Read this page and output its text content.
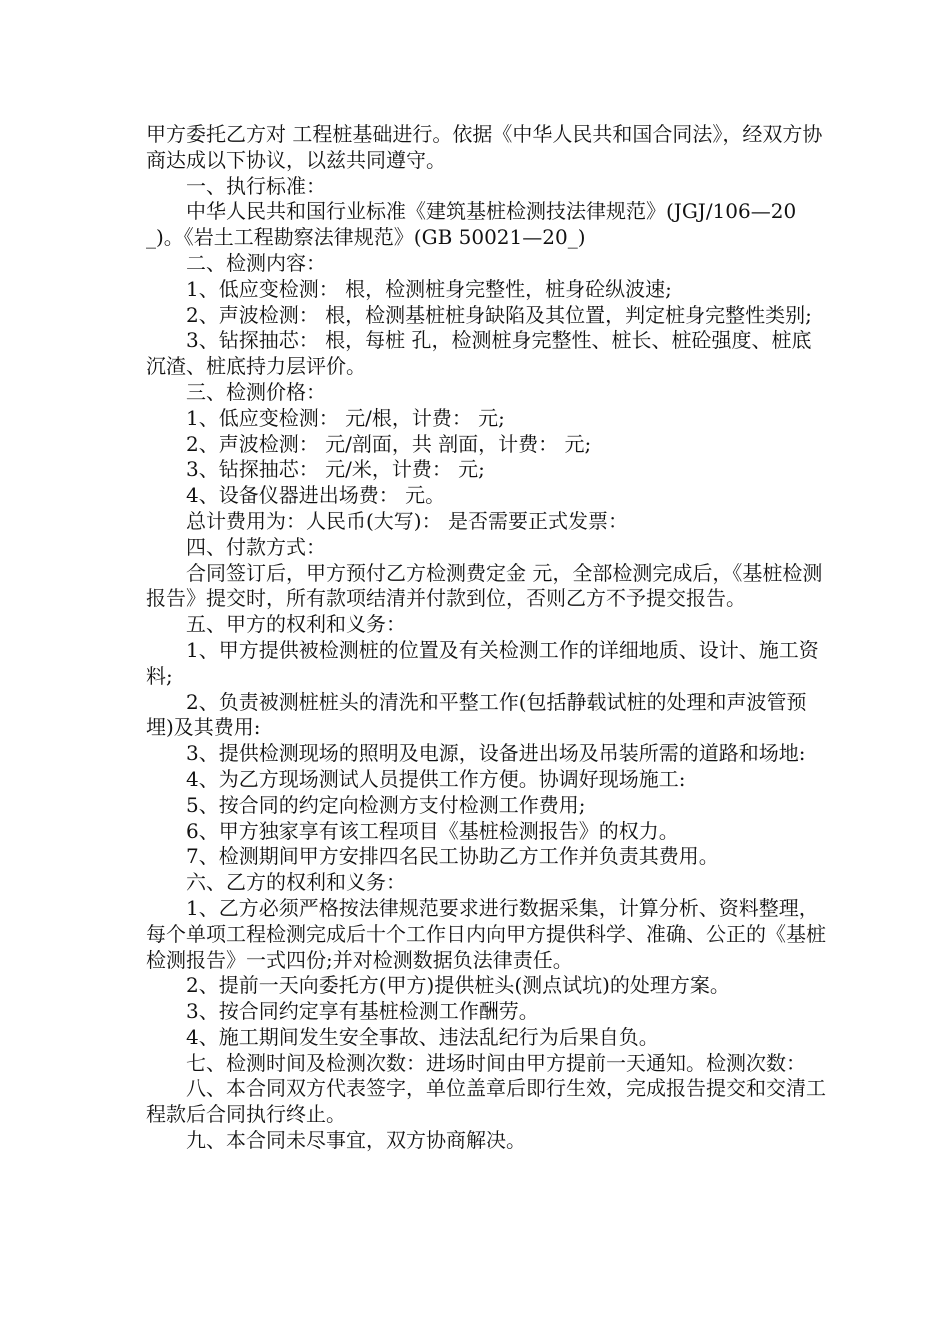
甲方委托乙方对 工程桩基础进行。依据《中华人民共和国合同法》，经双方协商达成以下协议，以兹共同遵守。

一、执行标准：

中华人民共和国行业标准《建筑基桩检测技法律规范》(JGJ/106—20_)。《岩土工程勘察法律规范》(GB 50021—20_)

二、检测内容：

1、低应变检测： 根，检测桩身完整性，桩身砼纵波速;

2、声波检测： 根，检测基桩桩身缺陷及其位置，判定桩身完整性类别;

3、钻探抽芯： 根，每桩 孔，检测桩身完整性、桩长、桩砼强度、桩底沉渣、桩底持力层评价。

三、检测价格：

1、低应变检测： 元/根，计费： 元;

2、声波检测： 元/剖面，共 剖面，计费： 元;

3、钻探抽芯： 元/米，计费： 元;

4、设备仪器进出场费： 元。

总计费用为：人民币(大写)： 是否需要正式发票：

四、付款方式：

合同签订后，甲方预付乙方检测费定金 元，全部检测完成后，《基桩检测报告》提交时，所有款项结清并付款到位，否则乙方不予提交报告。

五、甲方的权利和义务：

1、甲方提供被检测桩的位置及有关检测工作的详细地质、设计、施工资料;

2、负责被测桩桩头的清洗和平整工作(包括静载试桩的处理和声波管预埋)及其费用:

3、提供检测现场的照明及电源，设备进出场及吊装所需的道路和场地:

4、为乙方现场测试人员提供工作方便。协调好现场施工:

5、按合同的约定向检测方支付检测工作费用;

6、甲方独家享有该工程项目《基桩检测报告》的权力。

7、检测期间甲方安排四名民工协助乙方工作并负责其费用。

六、乙方的权利和义务：

1、乙方必须严格按法律规范要求进行数据采集，计算分析、资料整理，每个单项工程检测完成后十个工作日内向甲方提供科学、准确、公正的《基桩检测报告》一式四份;并对检测数据负法律责任。

2、提前一天向委托方(甲方)提供桩头(测点试坑)的处理方案。

3、按合同约定享有基桩检测工作酬劳。

4、施工期间发生安全事故、违法乱纪行为后果自负。

七、检测时间及检测次数：进场时间由甲方提前一天通知。检测次数：

八、本合同双方代表签字，单位盖章后即行生效，完成报告提交和交清工程款后合同执行终止。

九、本合同未尽事宜，双方协商解决。
